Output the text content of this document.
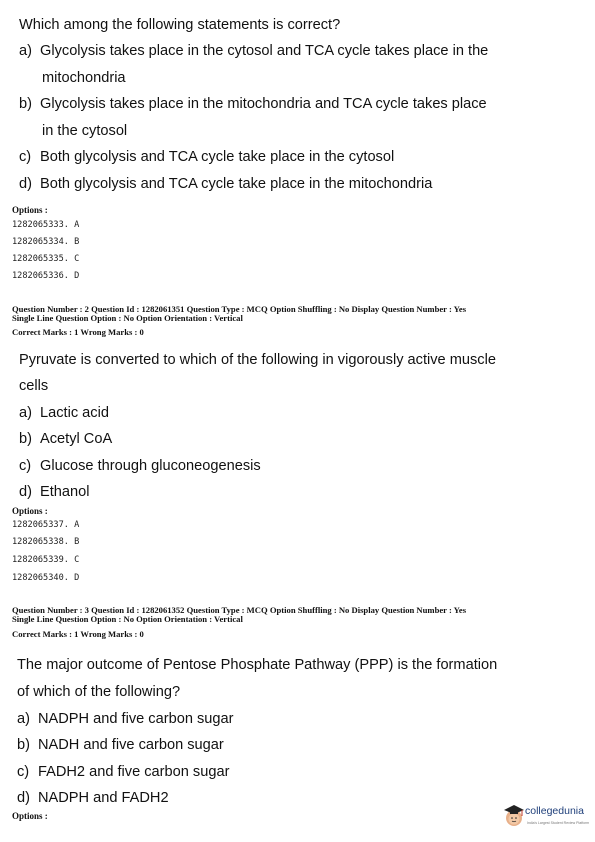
Which among the following statements is correct?
a) Glycolysis takes place in the cytosol and TCA cycle takes place in the
mitochondria
b) Glycolysis takes place in the mitochondria and TCA cycle takes place
in the cytosol
c) Both glycolysis and TCA cycle take place in the cytosol
d) Both glycolysis and TCA cycle take place in the mitochondria
Options :
1282065333. A
1282065334. B
1282065335. C
1282065336. D
Question Number : 2 Question Id : 1282061351 Question Type : MCQ Option Shuffling : No Display Question Number : Yes
Single Line Question Option : No Option Orientation : Vertical
Correct Marks : 1 Wrong Marks : 0
Pyruvate is converted to which of the following in vigorously active muscle
cells
a) Lactic acid
b) Acetyl CoA
c) Glucose through gluconeogenesis
d) Ethanol
Options :
1282065337. A
1282065338. B
1282065339. C
1282065340. D
Question Number : 3 Question Id : 1282061352 Question Type : MCQ Option Shuffling : No Display Question Number : Yes
Single Line Question Option : No Option Orientation : Vertical
Correct Marks : 1 Wrong Marks : 0
The major outcome of Pentose Phosphate Pathway (PPP) is the formation
of which of the following?
a) NADPH and five carbon sugar
b) NADH and five carbon sugar
c) FADH2 and five carbon sugar
d) NADPH and FADH2
Options :	collegedunia
India's Largest Student Review Platform
